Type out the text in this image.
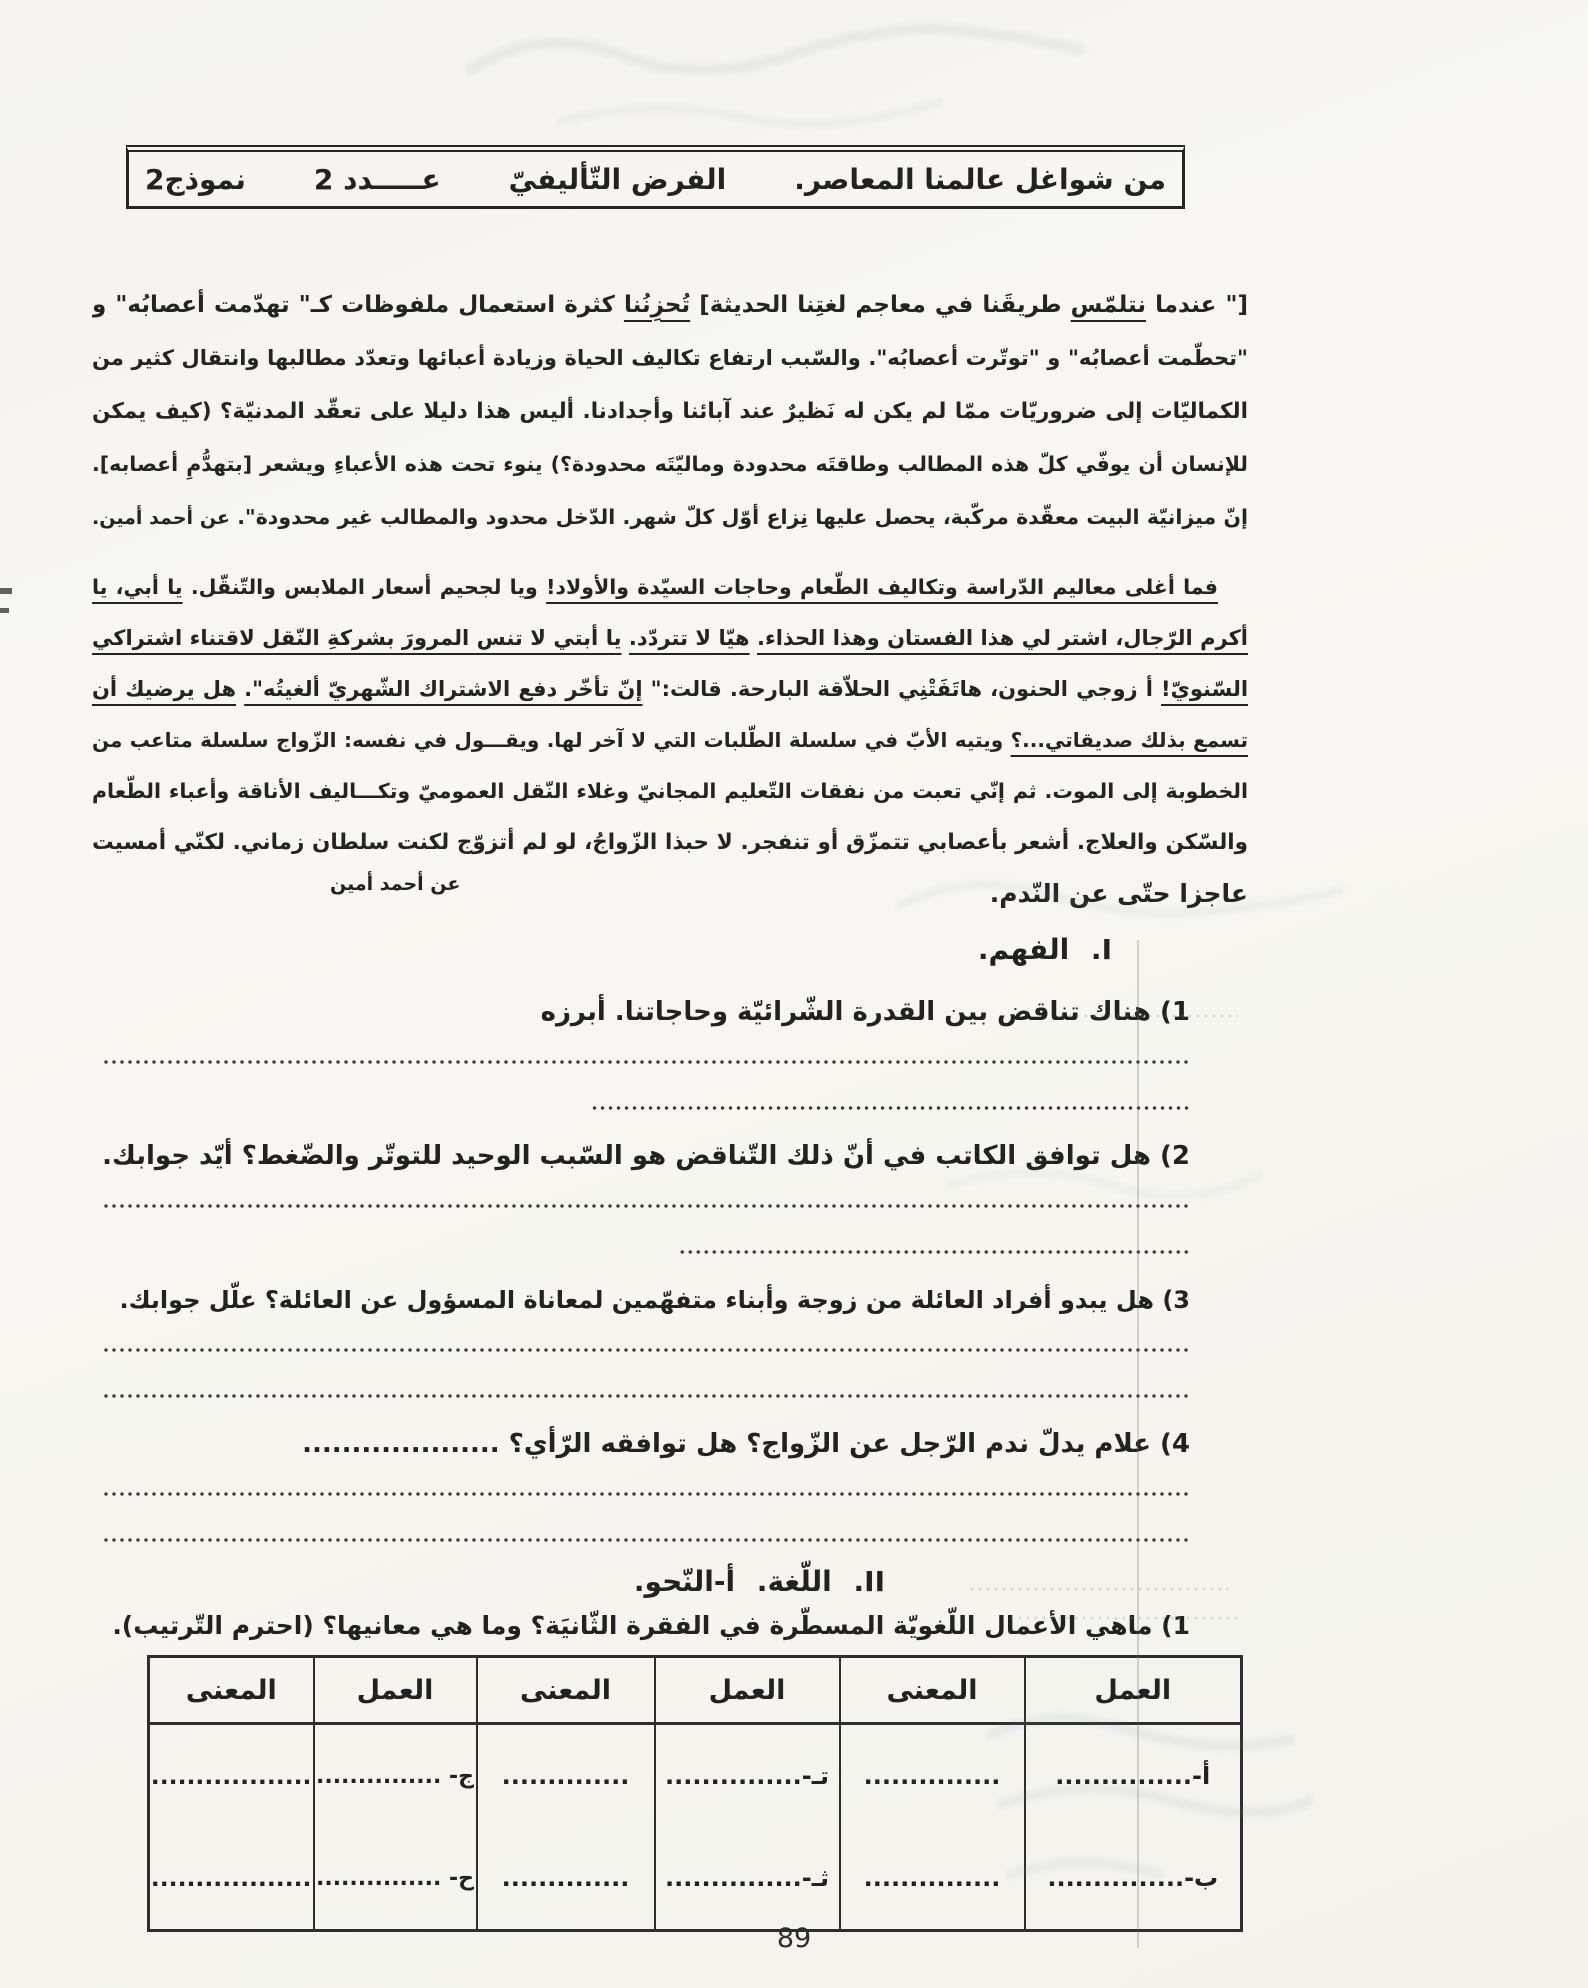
من شواغل عالمنا المعاصر.
الفرض التّأليفيّ
عـــــدد 2
نموذج2
[" عندما نتلمّس طريقَنا في معاجم لغتِنا الحديثة] تُحزِنُنا كثرة استعمال ملفوظات كـ" تهدّمت أعصابُه" و
"تحطّمت أعصابُه" و "توتّرت أعصابُه". والسّبب ارتفاع تكاليف الحياة وزيادة أعبائها وتعدّد مطالبها وانتقال كثير من
الكماليّات إلى ضروريّات ممّا لم يكن له نَظيرٌ عند آبائنا وأجدادنا. أليس هذا دليلا على تعقّد المدنيّة؟ (كيف يمكن
للإنسان أن يوفّي كلّ هذه المطالب وطاقتَه محدودة وماليّتَه محدودة؟) ينوء تحت هذه الأعباءِ ويشعر [بتهدُّمِ أعصابه].
إنّ ميزانيّة البيت معقّدة مركّبة، يحصل عليها نِزاع أوّل كلّ شهر. الدّخل محدود والمطالب غير محدودة". عن أحمد أمين.
فما أغلى معاليم الدّراسة وتكاليف الطّعام وحاجات السيّدة والأولاد! ويا لجحيم أسعار الملابس والتّنقّل. يا أبي، يا
أكرم الرّجال، اشتر لي هذا الفستان وهذا الحذاء. هيّا لا تتردّد. يا أبتي لا تنس المرورَ بشركةِ النّقل لاقتناء اشتراكي
السّنويّ! أ زوجي الحنون، هاتَفَتْنِي الحلاّقة البارحة. قالت:" إنّ تأخّر دفع الاشتراك الشّهريّ ألغيتُه". هل يرضيك أن
تسمع بذلك صديقاتي...؟ ويتيه الأبّ في سلسلة الطّلبات التي لا آخر لها. ويقـــول في نفسه: الزّواج سلسلة متاعب من
الخطوبة إلى الموت. ثم إنّي تعبت من نفقات التّعليم المجانيّ وغلاء النّقل العموميّ وتكـــاليف الأناقة وأعباء الطّعام
والسّكن والعلاج. أشعر بأعصابي تتمزّق أو تنفجر. لا حبذا الزّواجُ، لو لم أتزوّج لكنت سلطان زماني. لكنّي أمسيت
عاجزا حتّى عن النّدم.
عن أحمد أمين
I. الفهم.
1) هناك تناقض بين القدرة الشّرائيّة وحاجاتنا. أبرزه
2) هل توافق الكاتب في أنّ ذلك التّناقض هو السّبب الوحيد للتوتّر والضّغط؟ أيّد جوابك.
3) هل يبدو أفراد العائلة من زوجة وأبناء متفهّمين لمعاناة المسؤول عن العائلة؟ علّل جوابك.
4) علام يدلّ ندم الرّجل عن الزّواج؟ هل توافقه الرّأي؟ ....................
II. اللّغة. أ-النّحو.
1) ماهي الأعمال اللّغويّة المسطّرة في الفقرة الثّانيَة؟ وما هي معانيها؟ (احترم التّرتيب).
العمل	المعنى	العمل	المعنى	العمل	المعنى
أ-...............	...............	تـ-...............	..............	ج- ...............	..................
ب-...............	...............	ثـ-...............	..............	ح- ...............	..................
89
